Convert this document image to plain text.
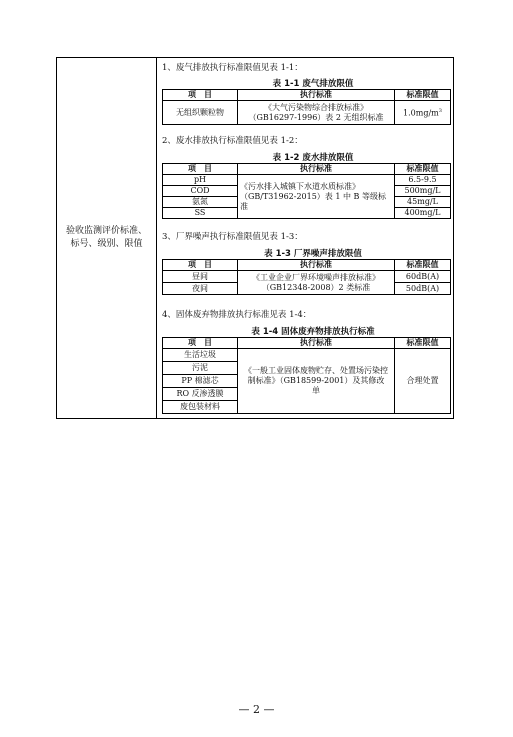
验收监测评价标准、标号、级别、限值
1、废气排放执行标准限值见表 1-1：
表 1-1 废气排放限值
项　目	执行标准	标准限值
无组织颗粒物	《大气污染物综合排放标准》
（GB16297-1996）表 2 无组织标准	$1.0mg/m^3$
2、废水排放执行标准限值见表 1-2：
表 1-2 废水排放限值
项　目	执行标准	标准限值
pH	《污水排入城镇下水道水质标准》（GB/T31962-2015）表 1 中 B 等级标准	6.5-9.5
COD		500mg/L
氨氮		45mg/L
SS		400mg/L
3、厂界噪声执行标准限值见表 1-3：
表 1-3 厂界噪声排放限值
项　目	执行标准	标准限值
昼间	《工业企业厂界环境噪声排放标准》（GB12348-2008）2 类标准	60dB(A)
夜间		50dB(A)
4、固体废弃物排放执行标准见表 1-4：
表 1-4 固体废弃物排放执行标准
项　目	执行标准	标准限值
生活垃圾	《一般工业固体废物贮存、处置场污染控制标准》（GB18599-2001）及其修改单	合理处置
污泥		
PP 棉滤芯		
RO 反渗透膜		
废包装材料		
— 2 —
